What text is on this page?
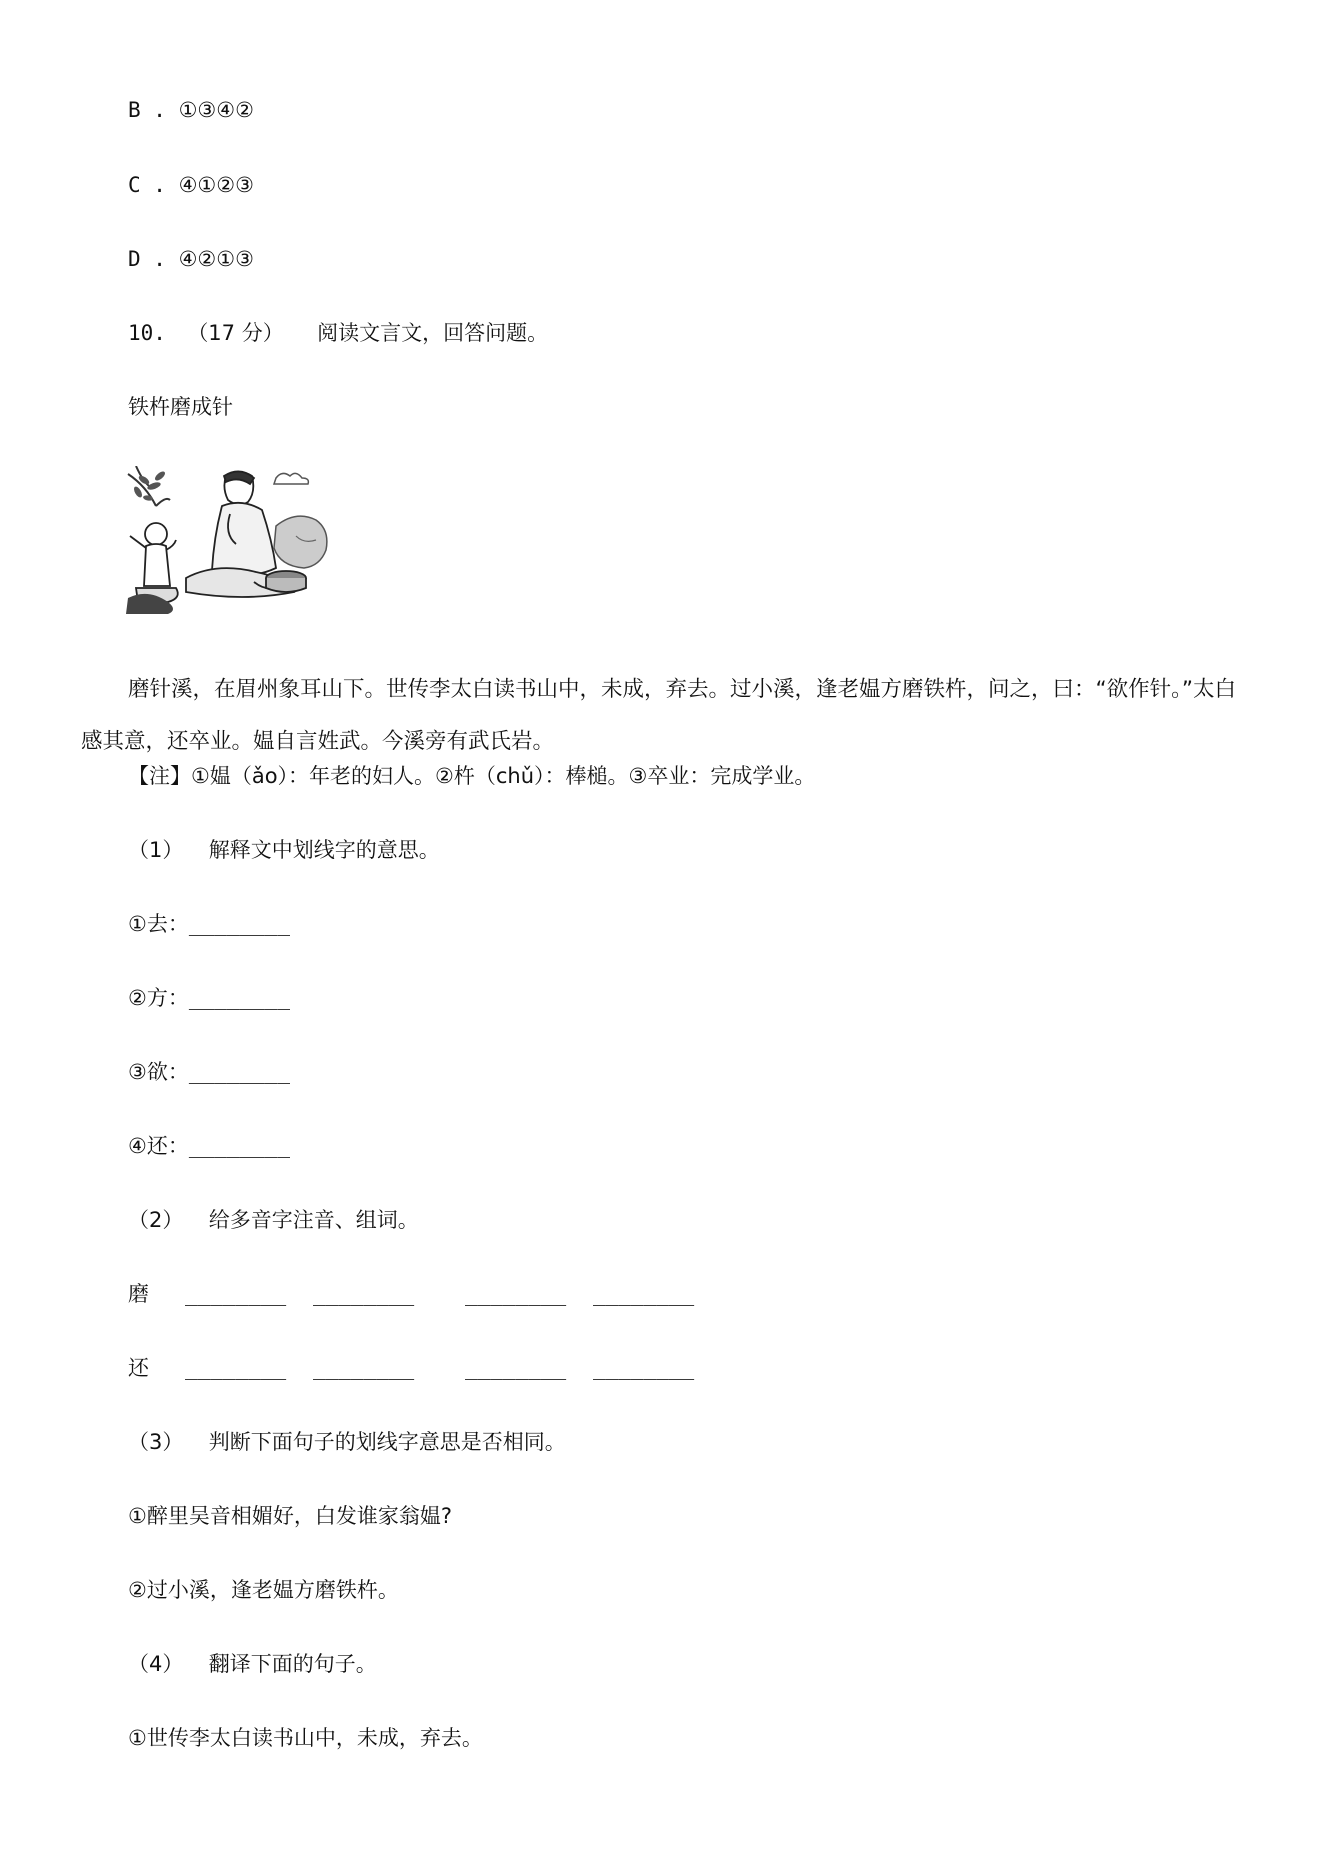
B . ①③④②
C . ④①②③
D . ④②①③
10. （17 分） 阅读文言文，回答问题。
铁杵磨成针
磨针溪，在眉州象耳山下。世传李太白读书山中，未成，弃去。过小溪，逢老媪方磨铁杵，问之，曰：“欲作针。”太白感其意，还卒业。媪自言姓武。今溪旁有武氏岩。
【注】①媪（ǎo）：年老的妇人。②杵（chǔ）：棒槌。③卒业：完成学业。
（1） 解释文中划线字的意思。
①去：________
②方：________
③欲：________
④还：________
（2） 给多音字注音、组词。
磨 ________ ________ ________ ________
还 ________ ________ ________ ________
（3） 判断下面句子的划线字意思是否相同。
①醉里吴音相媚好，白发谁家翁媪?
②过小溪，逢老媪方磨铁杵。
（4） 翻译下面的句子。
①世传李太白读书山中，未成，弃去。
